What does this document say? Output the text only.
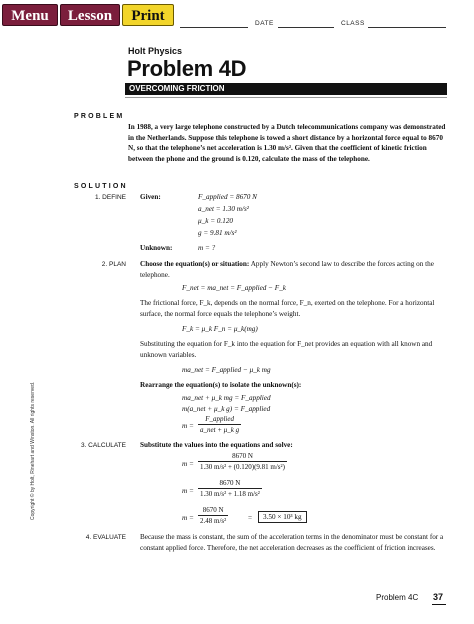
Menu	Lesson	Print	DATE	CLASS
Holt Physics
Problem 4D
OVERCOMING FRICTION
PROBLEM
In 1988, a very large telephone constructed by a Dutch telecommunications company was demonstrated in the Netherlands. Suppose this telephone is towed a short distance by a horizontal force equal to 8670 N, so that the telephone’s net acceleration is 1.30 m/s². Given that the coefficient of kinetic friction between the phone and the ground is 0.120, calculate the mass of the telephone.
SOLUTION
1. DEFINE Given:	F_applied = 8670 N
a_net = 1.30 m/s²
μ_k = 0.120
g = 9.81 m/s²
Unknown:	m = ?
2. PLAN Choose the equation(s) or situation: Apply Newton’s second law to describe the forces acting on the telephone.
F_net = ma_net = F_applied − F_k
The frictional force, F_k, depends on the normal force, F_n, exerted on the telephone. For a horizontal surface, the normal force equals the telephone’s weight.
F_k = μ_k F_n = μ_k(mg)
Substituting the equation for F_k into the equation for F_net provides an equation with all known and unknown variables.
ma_net = F_applied − μ_k mg
Rearrange the equation(s) to isolate the unknown(s):
ma_net + μ_k mg = F_applied
m(a_net + μ_k g) = F_applied
m =
F_applied
a_net + μ_k g
3. CALCULATE Substitute the values into the equations and solve:
m =
8670 N
1.30 m/s² + (0.120)(9.81 m/s²)
m =
8670 N
1.30 m/s² + 1.18 m/s²
m =
8670 N
2.48 m/s²	=	3.50 × 10³ kg
4. EVALUATE Because the mass is constant, the sum of the acceleration terms in the denominator must be constant for a constant applied force. Therefore, the net acceleration decreases as the coefficient of friction increases.
Copyright © by Holt, Rinehart and Winston. All rights reserved.
Problem 4C 37
